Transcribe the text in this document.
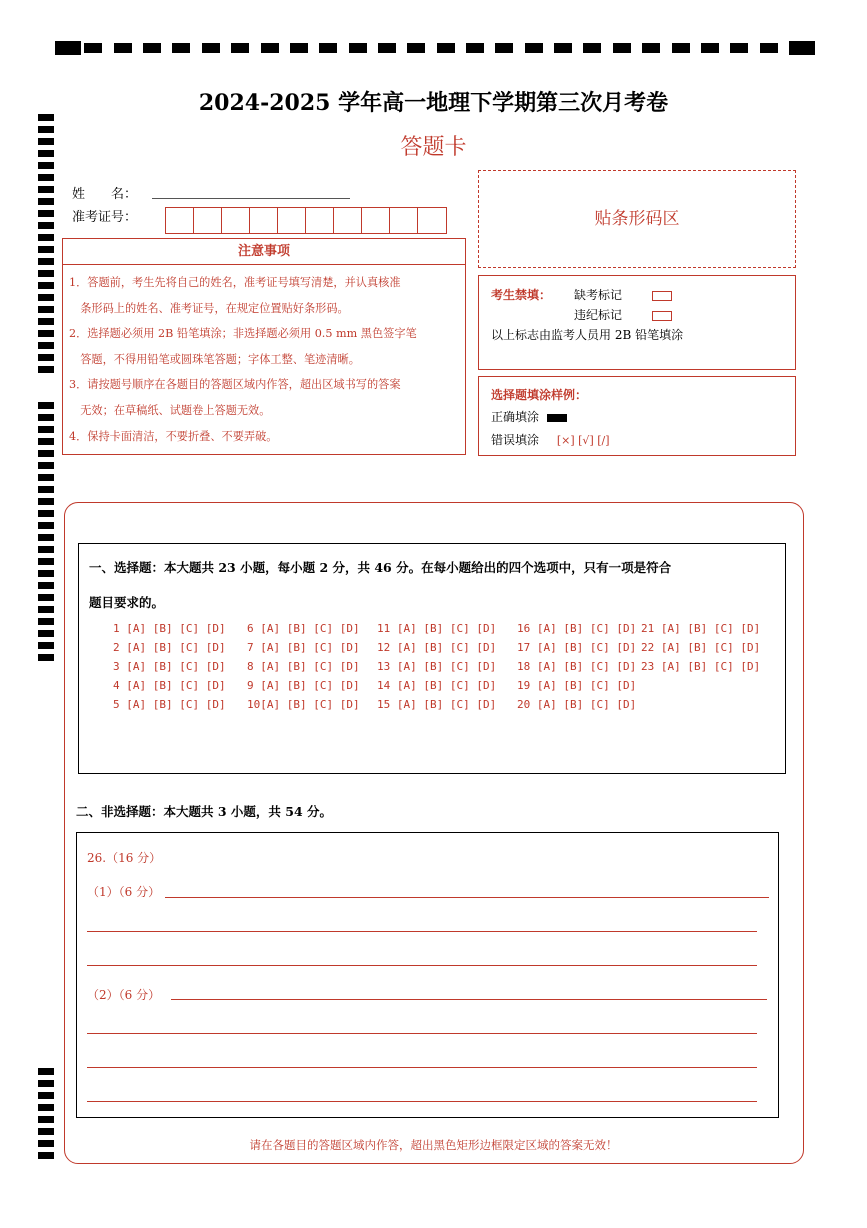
2024-2025 学年高一地理下学期第三次月考卷
答题卡
姓　　名：
准考证号：
注意事项
1．答题前，考生先将自己的姓名，准考证号填写清楚，并认真核准
　条形码上的姓名、准考证号，在规定位置贴好条形码。
2．选择题必须用 2B 铅笔填涂；非选择题必须用 0.5 mm 黑色签字笔
　答题，不得用铅笔或圆珠笔答题；字体工整、笔迹清晰。
3．请按题号顺序在各题目的答题区域内作答，超出区域书写的答案
　无效；在草稿纸、试题卷上答题无效。
4．保持卡面清洁，不要折叠、不要弄破。
贴条形码区
考生禁填： 缺考标记
违纪标记
以上标志由监考人员用 2B 铅笔填涂
选择题填涂样例：
正确填涂
错误填涂 [×] [√] [/]
一、选择题：本大题共 23 小题，每小题 2 分，共 46 分。在每小题给出的四个选项中，只有一项是符合
题目要求的。
1 [A] [B] [C] [D]
2 [A] [B] [C] [D]
3 [A] [B] [C] [D]
4 [A] [B] [C] [D]
5 [A] [B] [C] [D]
6 [A] [B] [C] [D]
7 [A] [B] [C] [D]
8 [A] [B] [C] [D]
9 [A] [B] [C] [D]
10[A] [B] [C] [D]
11 [A] [B] [C] [D]
12 [A] [B] [C] [D]
13 [A] [B] [C] [D]
14 [A] [B] [C] [D]
15 [A] [B] [C] [D]
16 [A] [B] [C] [D]
17 [A] [B] [C] [D]
18 [A] [B] [C] [D]
19 [A] [B] [C] [D]
20 [A] [B] [C] [D]
21 [A] [B] [C] [D]
22 [A] [B] [C] [D]
23 [A] [B] [C] [D]
二、非选择题：本大题共 3 小题，共 54 分。
26.（16 分）
（1）（6 分）
（2）（6 分）
请在各题目的答题区域内作答，超出黑色矩形边框限定区域的答案无效！
